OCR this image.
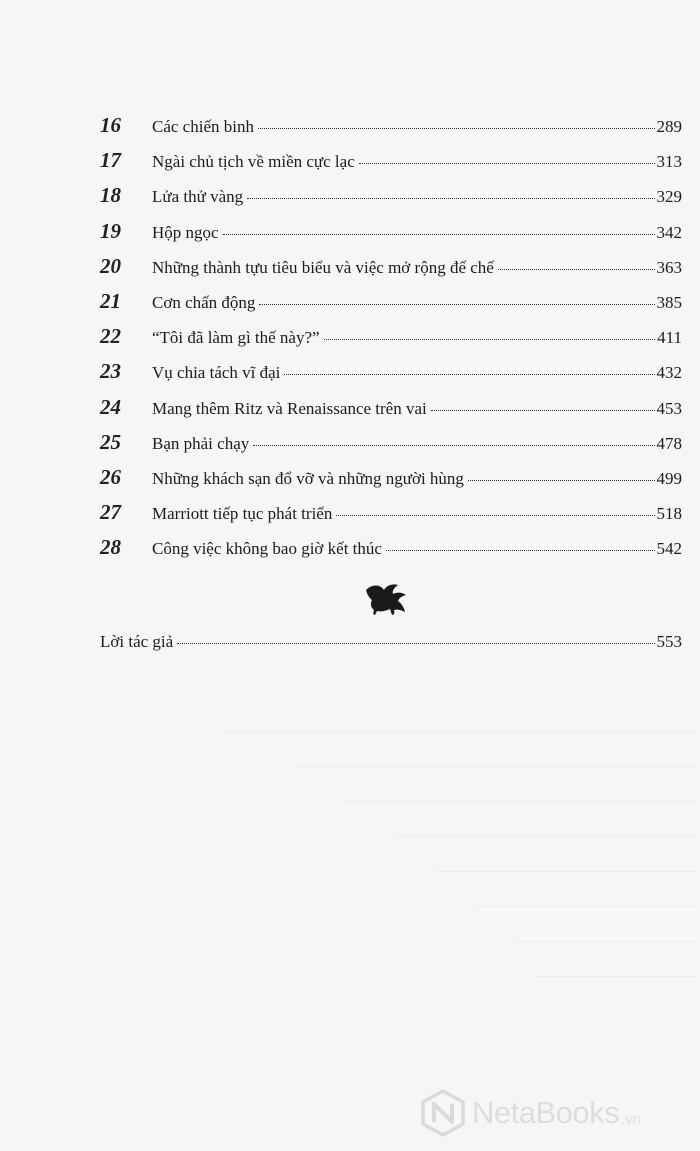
16	Các chiến binh	289
17	Ngài chủ tịch về miền cực lạc	313
18	Lửa thử vàng	329
19	Hộp ngọc	342
20	Những thành tựu tiêu biểu và việc mở rộng đế chế	363
21	Cơn chấn động	385
22	“Tôi đã làm gì thế này?”	411
23	Vụ chia tách vĩ đại	432
24	Mang thêm Ritz và Renaissance trên vai	453
25	Bạn phải chạy	478
26	Những khách sạn đổ vỡ và những người hùng	499
27	Marriott tiếp tục phát triển	518
28	Công việc không bao giờ kết thúc	542
Lời tác giả	553
NetaBooks .vn
